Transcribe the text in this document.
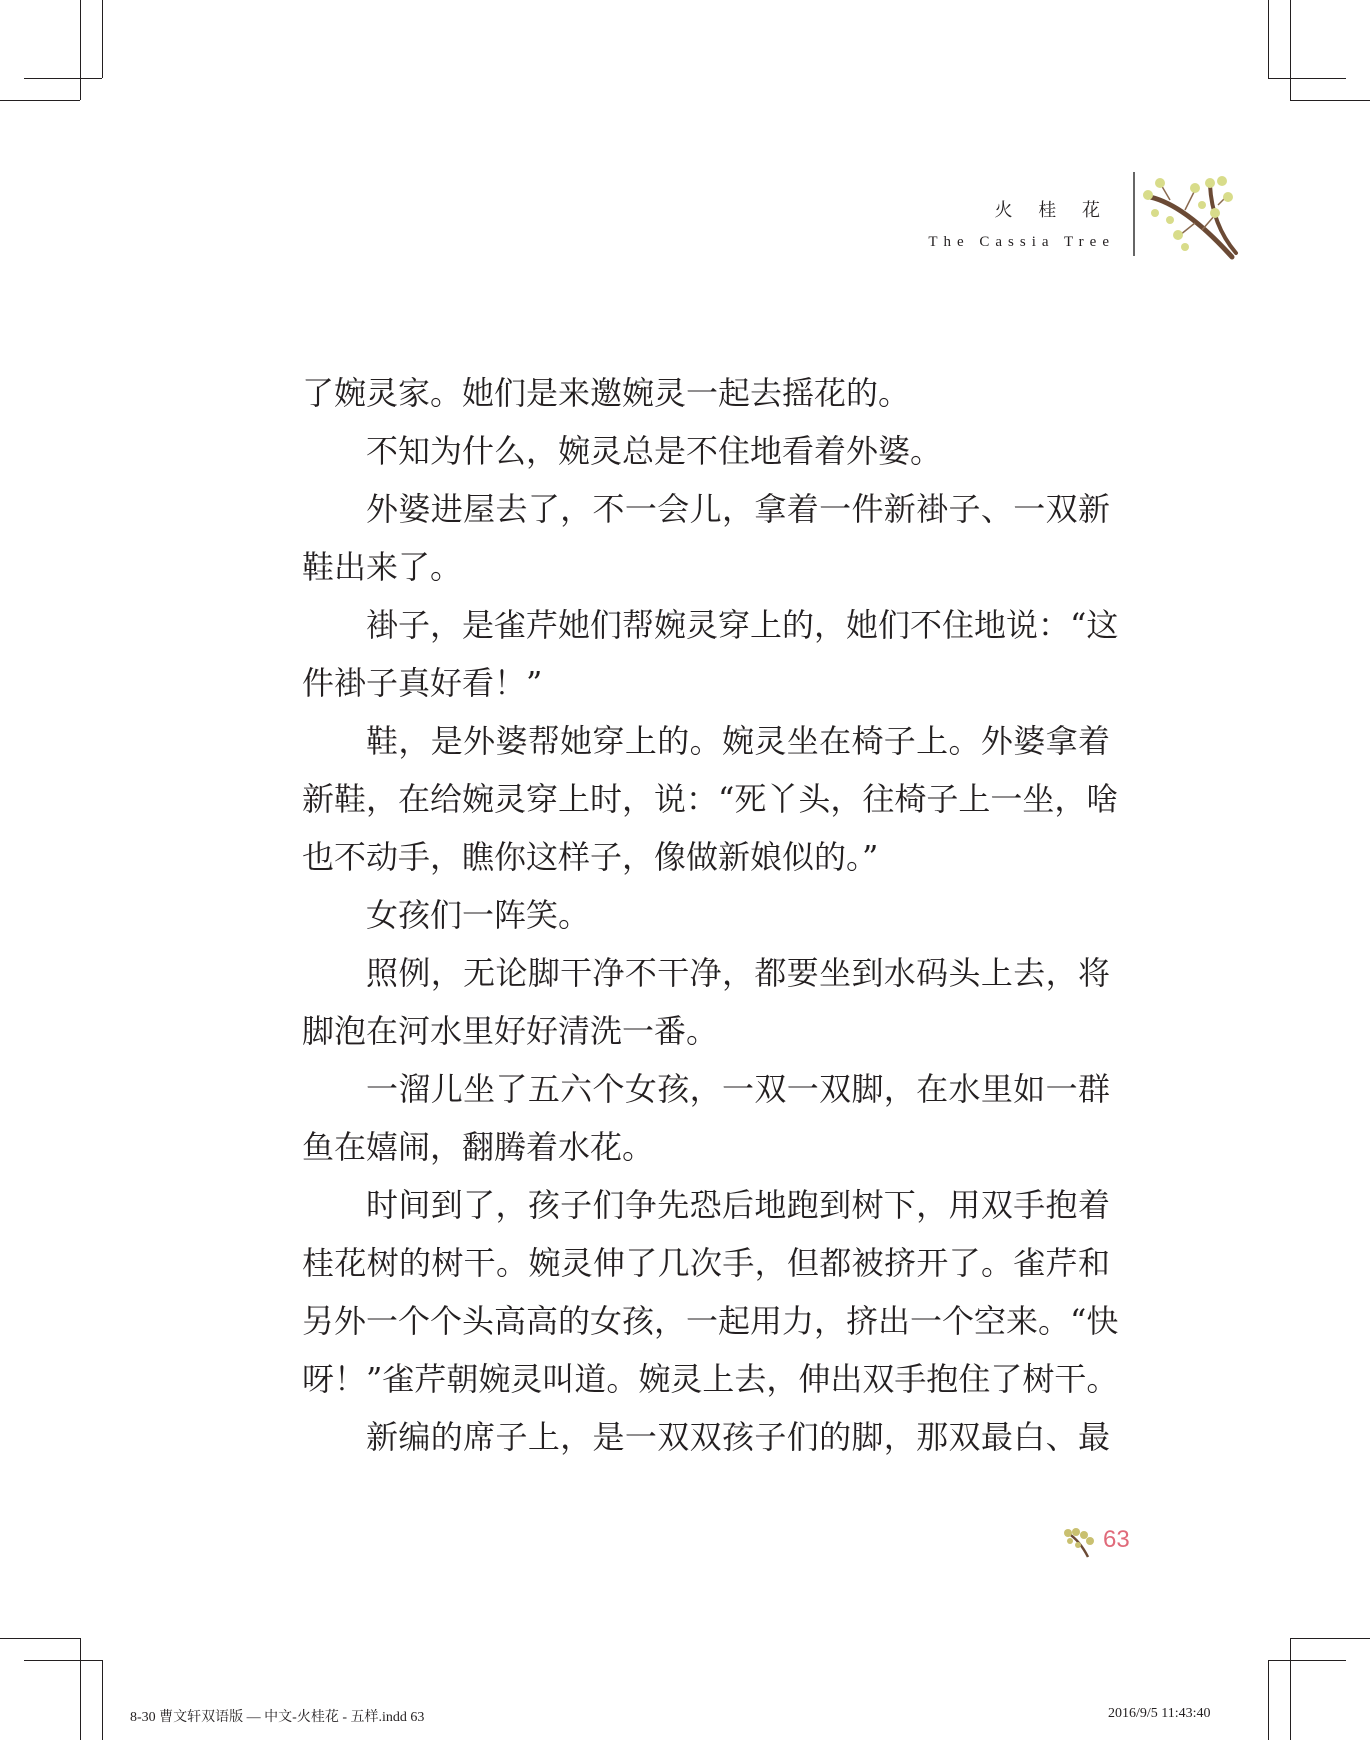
火 桂 花
The Cassia Tree
了婉灵家。她们是来邀婉灵一起去摇花的。
不知为什么，婉灵总是不住地看着外婆。
外婆进屋去了，不一会儿，拿着一件新褂子、一双新
鞋出来了。
褂子，是雀芹她们帮婉灵穿上的，她们不住地说：“这
件褂子真好看！”
鞋，是外婆帮她穿上的。婉灵坐在椅子上。外婆拿着
新鞋，在给婉灵穿上时，说：“死丫头，往椅子上一坐，啥
也不动手，瞧你这样子，像做新娘似的。”
女孩们一阵笑。
照例，无论脚干净不干净，都要坐到水码头上去，将
脚泡在河水里好好清洗一番。
一溜儿坐了五六个女孩，一双一双脚，在水里如一群
鱼在嬉闹，翻腾着水花。
时间到了，孩子们争先恐后地跑到树下，用双手抱着
桂花树的树干。婉灵伸了几次手，但都被挤开了。雀芹和
另外一个个头高高的女孩，一起用力，挤出一个空来。“快
呀！”雀芹朝婉灵叫道。婉灵上去，伸出双手抱住了树干。
新编的席子上，是一双双孩子们的脚，那双最白、最
63
8-30 曹文轩双语版 — 中文-火桂花 - 五样.indd 63	2016/9/5 11:43:40
